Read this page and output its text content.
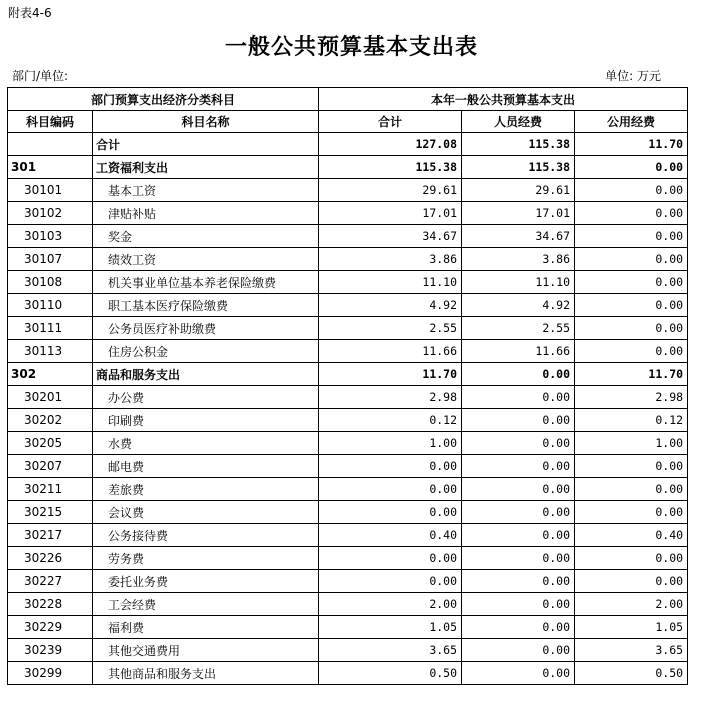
附表4-6
一般公共预算基本支出表
部门/单位:	单位: 万元
部门预算支出经济分类科目		本年一般公共预算基本支出		
科目编码	科目名称	合计	人员经费	公用经费
	合计	127.08	115.38	11.70
301	工资福利支出	115.38	115.38	0.00
30101	基本工资	29.61	29.61	0.00
30102	津贴补贴	17.01	17.01	0.00
30103	奖金	34.67	34.67	0.00
30107	绩效工资	3.86	3.86	0.00
30108	机关事业单位基本养老保险缴费	11.10	11.10	0.00
30110	职工基本医疗保险缴费	4.92	4.92	0.00
30111	公务员医疗补助缴费	2.55	2.55	0.00
30113	住房公积金	11.66	11.66	0.00
302	商品和服务支出	11.70	0.00	11.70
30201	办公费	2.98	0.00	2.98
30202	印刷费	0.12	0.00	0.12
30205	水费	1.00	0.00	1.00
30207	邮电费	0.00	0.00	0.00
30211	差旅费	0.00	0.00	0.00
30215	会议费	0.00	0.00	0.00
30217	公务接待费	0.40	0.00	0.40
30226	劳务费	0.00	0.00	0.00
30227	委托业务费	0.00	0.00	0.00
30228	工会经费	2.00	0.00	2.00
30229	福利费	1.05	0.00	1.05
30239	其他交通费用	3.65	0.00	3.65
30299	其他商品和服务支出	0.50	0.00	0.50
